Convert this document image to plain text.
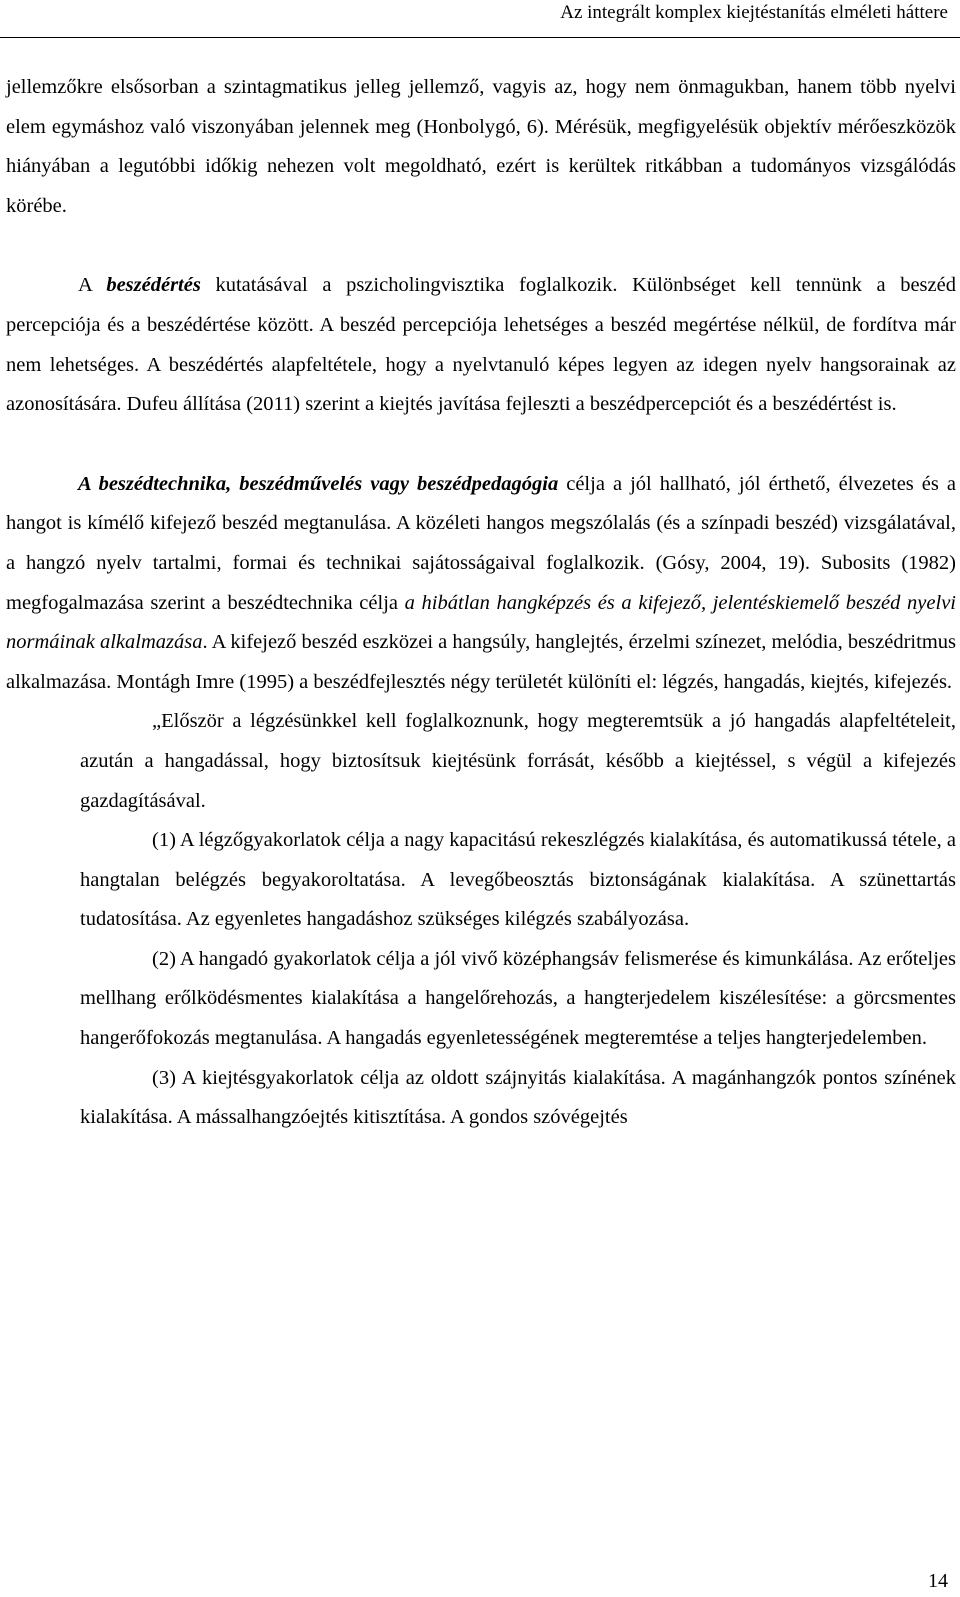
Az integrált komplex kiejtéstanítás elméleti háttere

jellemzőkre elsősorban a szintagmatikus jelleg jellemző, vagyis az, hogy nem önmagukban, hanem több nyelvi elem egymáshoz való viszonyában jelennek meg (Honbolygó, 6). Mérésük, megfigyelésük objektív mérőeszközök hiányában a legutóbbi időkig nehezen volt megoldható, ezért is kerültek ritkábban a tudományos vizsgálódás körébe.

A beszédértés kutatásával a pszicholingvisztika foglalkozik. Különbséget kell tennünk a beszéd percepciója és a beszédértése között. A beszéd percepciója lehetséges a beszéd megértése nélkül, de fordítva már nem lehetséges. A beszédértés alapfeltétele, hogy a nyelvtanuló képes legyen az idegen nyelv hangsorainak az azonosítására. Dufeu állítása (2011) szerint a kiejtés javítása fejleszti a beszédpercepciót és a beszédértést is.

A beszédtechnika, beszédművelés vagy beszédpedagógia célja a jól hallható, jól érthető, élvezetes és a hangot is kímélő kifejező beszéd megtanulása. A közéleti hangos megszólalás (és a színpadi beszéd) vizsgálatával, a hangzó nyelv tartalmi, formai és technikai sajátosságaival foglalkozik. (Gósy, 2004, 19). Subosits (1982) megfogalmazása szerint a beszédtechnika célja a hibátlan hangképzés és a kifejező, jelentéskiemelő beszéd nyelvi normáinak alkalmazása. A kifejező beszéd eszközei a hangsúly, hanglejtés, érzelmi színezet, melódia, beszédritmus alkalmazása. Montágh Imre (1995) a beszédfejlesztés négy területét különíti el: légzés, hangadás, kiejtés, kifejezés.

„Először a légzésünkkel kell foglalkoznunk, hogy megteremtsük a jó hangadás alapfeltételeit, azután a hangadással, hogy biztosítsuk kiejtésünk forrását, később a kiejtéssel, s végül a kifejezés gazdagításával.

(1) A légzőgyakorlatok célja a nagy kapacitású rekeszlégzés kialakítása, és automatikussá tétele, a hangtalan belégzés begyakoroltatása. A levegőbeosztás biztonságának kialakítása. A szünettartás tudatosítása. Az egyenletes hangadáshoz szükséges kilégzés szabályozása.

(2) A hangadó gyakorlatok célja a jól vivő középhangsáv felismerése és kimunkálása. Az erőteljes mellhang erőlködésmentes kialakítása a hangelőrehozás, a hangterjedelem kiszélesítése: a görcsmentes hangerőfokozás megtanulása. A hangadás egyenletességének megteremtése a teljes hangterjedelemben.

(3) A kiejtésgyakorlatok célja az oldott szájnyitás kialakítása. A magánhangzók pontos színének kialakítása. A mássalhangzóejtés kitisztítása. A gondos szóvégejtés

14
